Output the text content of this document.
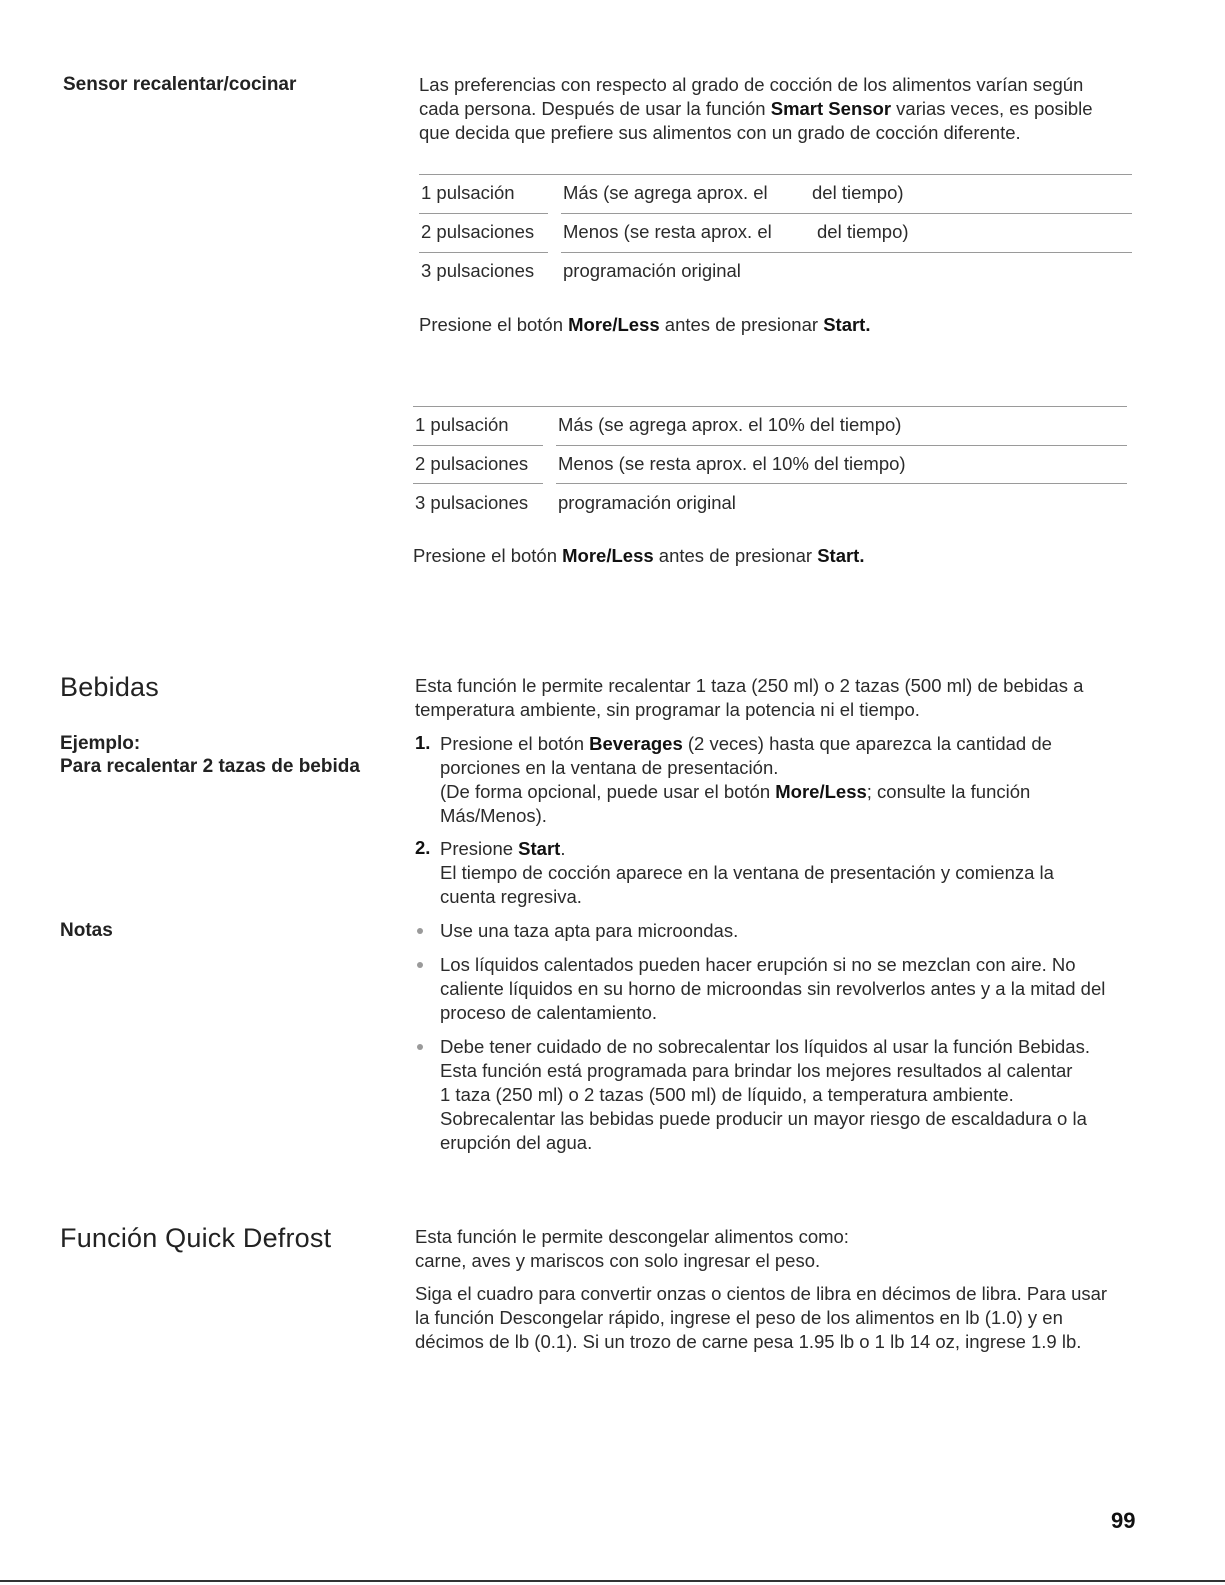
Sensor recalentar/cocinar	Las preferencias con respecto al grado de cocción de los alimentos varían según
cada persona. Después de usar la función Smart Sensor varias veces, es posible
que decida que prefiere sus alimentos con un grado de cocción diferente.
1 pulsación	Más (se agrega aprox. el del tiempo)
2 pulsaciones Menos (se resta aprox. el del tiempo)
3 pulsaciones programación original
Presione el botón More/Less antes de presionar Start.
1 pulsación	Más (se agrega aprox. el 10% del tiempo)
2 pulsaciones Menos (se resta aprox. el 10% del tiempo)
3 pulsaciones programación original
Presione el botón More/Less antes de presionar Start.
Bebidas
Ejemplo:
Para recalentar 2 tazas de bebida
Notas
Esta función le permite recalentar 1 taza (250 ml) o 2 tazas (500 ml) de bebidas a
temperatura ambiente, sin programar la potencia ni el tiempo.
1. Presione el botón Beverages (2 veces) hasta que aparezca la cantidad de
porciones en la ventana de presentación.
(De forma opcional, puede usar el botón More/Less; consulte la función
Más/Menos).
2. Presione Start.
El tiempo de cocción aparece en la ventana de presentación y comienza la
cuenta regresiva.
Use una taza apta para microondas.
Los líquidos calentados pueden hacer erupción si no se mezclan con aire. No
caliente líquidos en su horno de microondas sin revolverlos antes y a la mitad del
proceso de calentamiento.
Debe tener cuidado de no sobrecalentar los líquidos al usar la función Bebidas.
Esta función está programada para brindar los mejores resultados al calentar
1 taza (250 ml) o 2 tazas (500 ml) de líquido, a temperatura ambiente.
Sobrecalentar las bebidas puede producir un mayor riesgo de escaldadura o la
erupción del agua.
Función Quick Defrost	Esta función le permite descongelar alimentos como:
carne, aves y mariscos con solo ingresar el peso.
Siga el cuadro para convertir onzas o cientos de libra en décimos de libra. Para usar
la función Descongelar rápido, ingrese el peso de los alimentos en lb (1.0) y en
décimos de lb (0.1). Si un trozo de carne pesa 1.95 lb o 1 lb 14 oz, ingrese 1.9 lb.
99
